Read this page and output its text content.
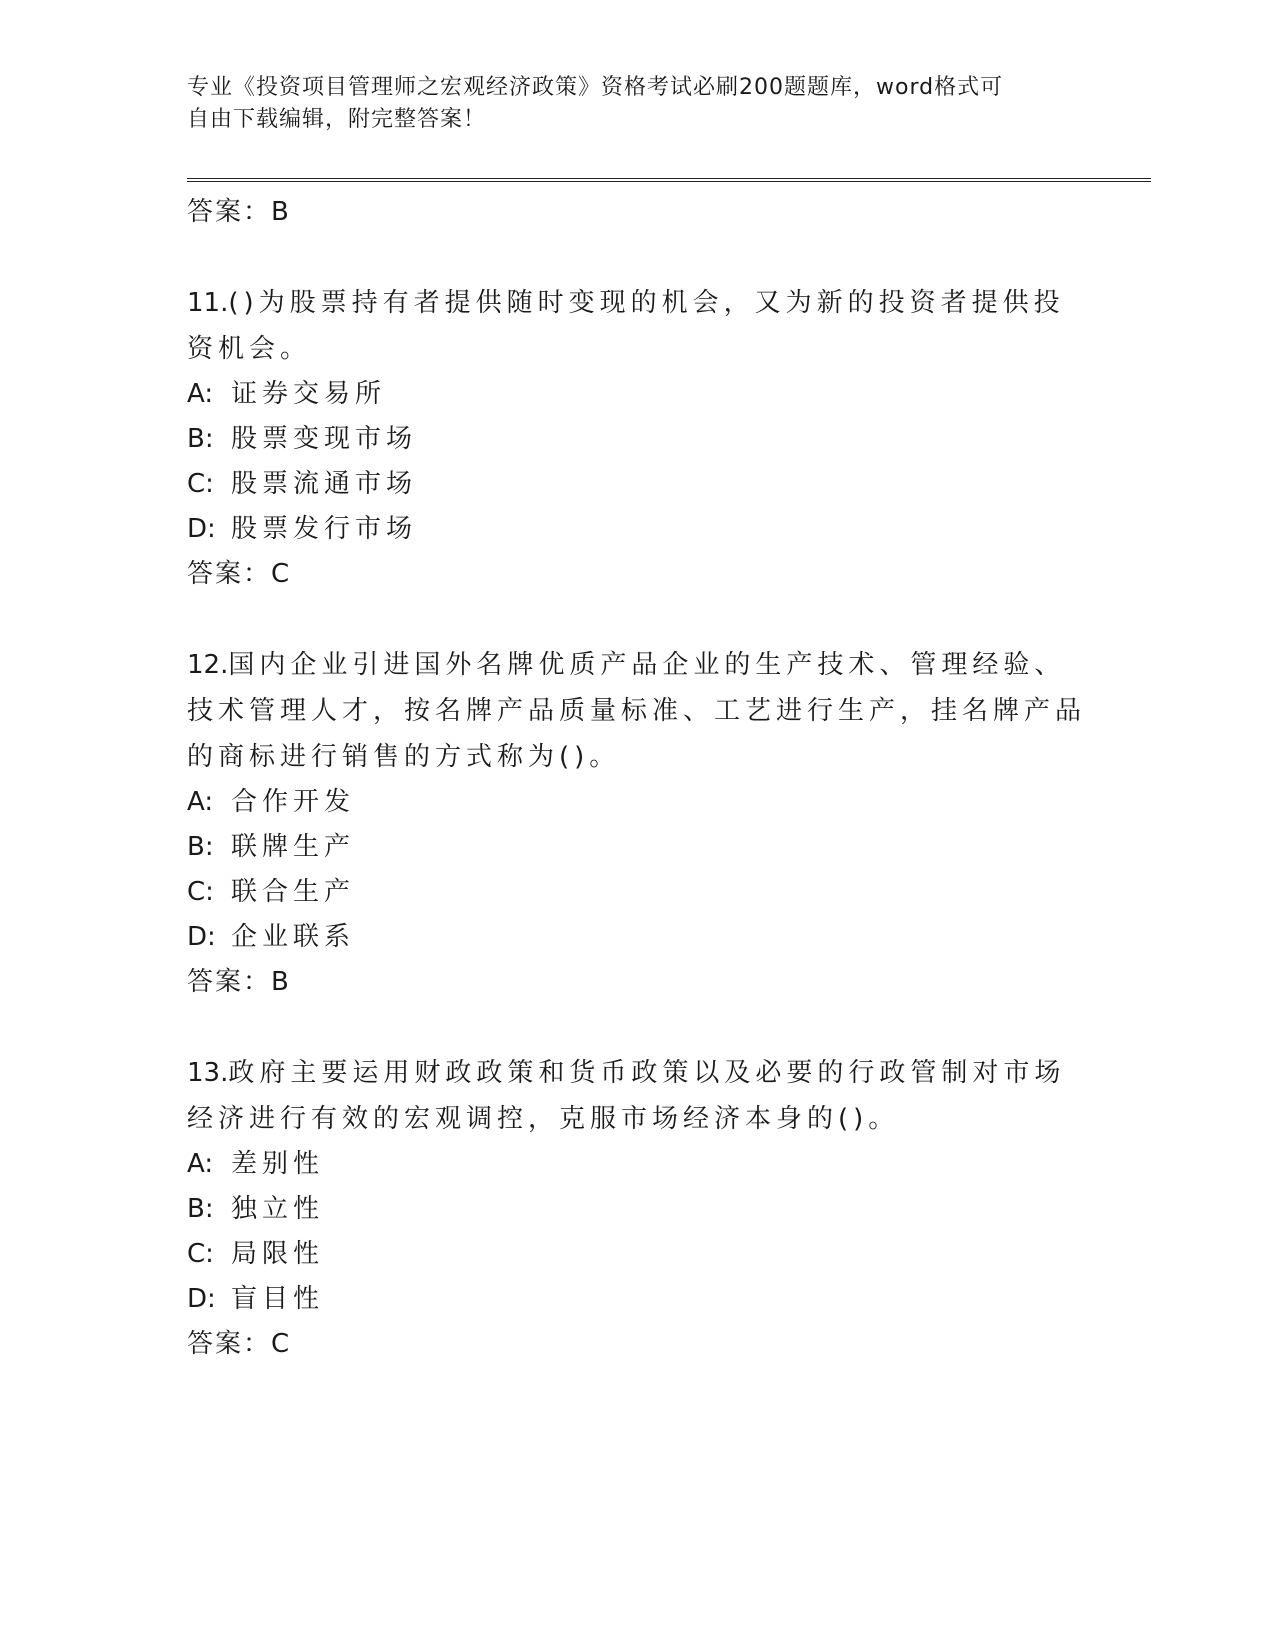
专业《投资项目管理师之宏观经济政策》资格考试必刷200题题库，word格式可
自由下载编辑，附完整答案！
答案：B

11.()为股票持有者提供随时变现的机会，又为新的投资者提供投资机会。

A: 证券交易所
B: 股票变现市场
C: 股票流通市场
D: 股票发行市场
答案：C

12.国内企业引进国外名牌优质产品企业的生产技术、管理经验、技术管理人才，按名牌产品质量标准、工艺进行生产，挂名牌产品的商标进行销售的方式称为()。

A: 合作开发
B: 联牌生产
C: 联合生产
D: 企业联系
答案：B

13.政府主要运用财政政策和货币政策以及必要的行政管制对市场经济进行有效的宏观调控，克服市场经济本身的()。

A: 差别性
B: 独立性
C: 局限性
D: 盲目性
答案：C
